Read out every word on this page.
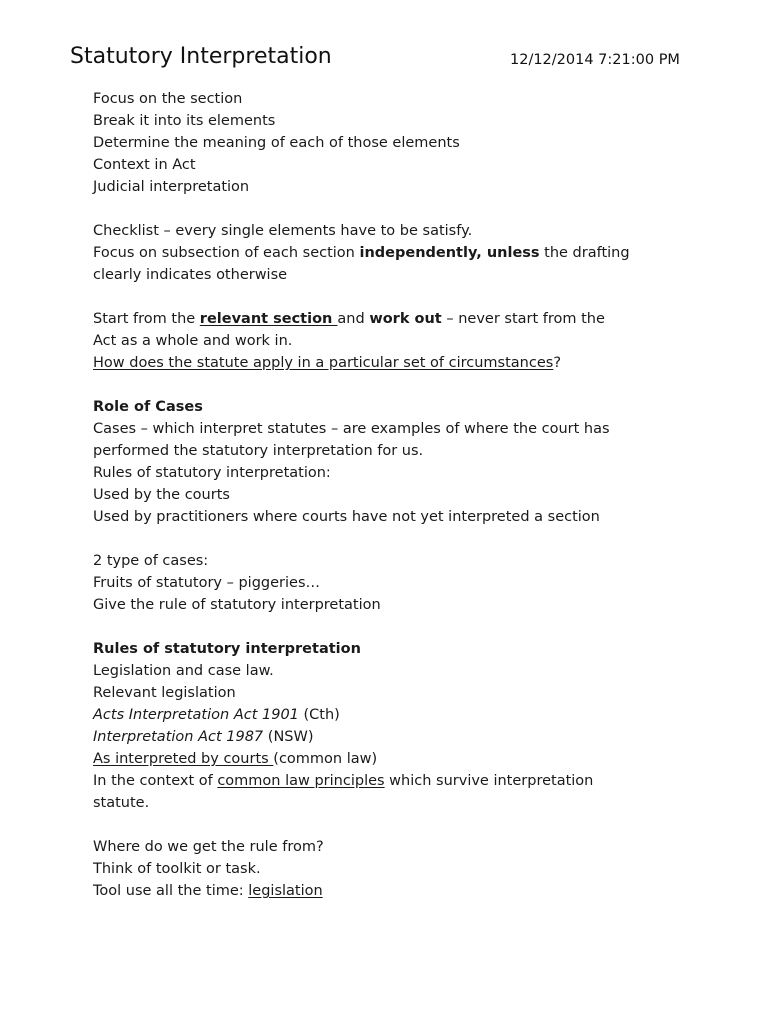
Statutory Interpretation	12/12/2014 7:21:00 PM
Focus on the section
Break it into its elements
Determine the meaning of each of those elements
Context in Act
Judicial interpretation
Checklist – every single elements have to be satisfy.
Focus on subsection of each section independently, unless the drafting
clearly indicates otherwise
Start from the relevant section and work out – never start from the
Act as a whole and work in.
How does the statute apply in a particular set of circumstances?
Role of Cases
Cases – which interpret statutes – are examples of where the court has
performed the statutory interpretation for us.
Rules of statutory interpretation:
Used by the courts
Used by practitioners where courts have not yet interpreted a section
2 type of cases:
Fruits of statutory – piggeries…
Give the rule of statutory interpretation
Rules of statutory interpretation
Legislation and case law.
Relevant legislation
Acts Interpretation Act 1901 (Cth)
Interpretation Act 1987 (NSW)
As interpreted by courts (common law)
In the context of common law principles which survive interpretation
statute.
Where do we get the rule from?
Think of toolkit or task.
Tool use all the time: legislation
